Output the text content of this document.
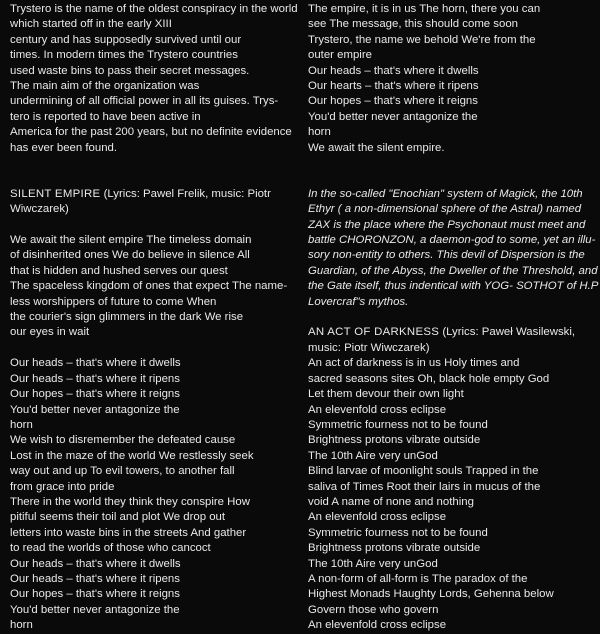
Trystero is the name of the oldest conspiracy in the world
which started off in the early XIII
century and has supposedly survived until our
times. In modern times the Trystero countries
used waste bins to pass their secret messages.
The main aim of the organization was
undermining of all official power in all its guises. Trys-
tero is reported to have been active in
America for the past 200 years, but no definite evidence
has ever been found.
SILENT EMPIRE (Lyrics: Pawel Frelik, music: Piotr
Wiwczarek)
We await the silent empire The timeless domain
of disinherited ones We do believe in silence All
that is hidden and hushed serves our quest
The spaceless kingdom of ones that expect The name-
less worshippers of future to come When
the courier's sign glimmers in the dark We rise
our eyes in wait
Our heads – that's where it dwells
Our heads – that's where it ripens
Our hopes – that's where it reigns
You'd better never antagonize the
horn
We wish to disremember the defeated cause
Lost in the maze of the world We restlessly seek
way out and up To evil towers, to another fall
from grace into pride
There in the world they think they conspire How
pitiful seems their toil and plot We drop out
letters into waste bins in the streets And gather
to read the worlds of those who cancoct
Our heads – that's where it dwells
Our heads – that's where it ripens
Our hopes – that's where it reigns
You'd better never antagonize the
horn
The empire, it is in us The horn, there you can
see The message, this should come soon
Trystero, the name we behold We're from the
outer empire
Our heads – that's where it dwells
Our hearts – that's where it ripens
Our hopes – that's where it reigns
You'd better never antagonize the
horn
We await the silent empire.
In the so-called "Enochian" system of Magick, the 10th
Ethyr ( a non-dimensional sphere of the Astral) named
ZAX is the place where the Psychonaut must meet and
battle CHORONZON, a daemon-god to some, yet an illu-
sory non-entity to others. This devil of Dispersion is the
Guardian, of the Abyss, the Dweller of the Threshold, and
the Gate itself, thus indentical with YOG- SOTHOT of H.P
Lovercraf"s mythos.
AN ACT OF DARKNESS (Lyrics: Paweł Wasilewski,
music: Piotr Wiwczarek)
An act of darkness is in us Holy times and
sacred seasons sites Oh, black hole empty God
Let them devour their own light
An elevenfold cross eclipse
Symmetric fourness not to be found
Brightness protons vibrate outside
The 10th Aire very unGod
Blind larvae of moonlight souls Trapped in the
saliva of Times Root their lairs in mucus of the
void A name of none and nothing
An elevenfold cross eclipse
Symmetric fourness not to be found
Brightness protons vibrate outside
The 10th Aire very unGod
A non-form of all-form is The paradox of the
Highest Monads Haughty Lords, Gehenna below
Govern those who govern
An elevenfold cross eclipse
